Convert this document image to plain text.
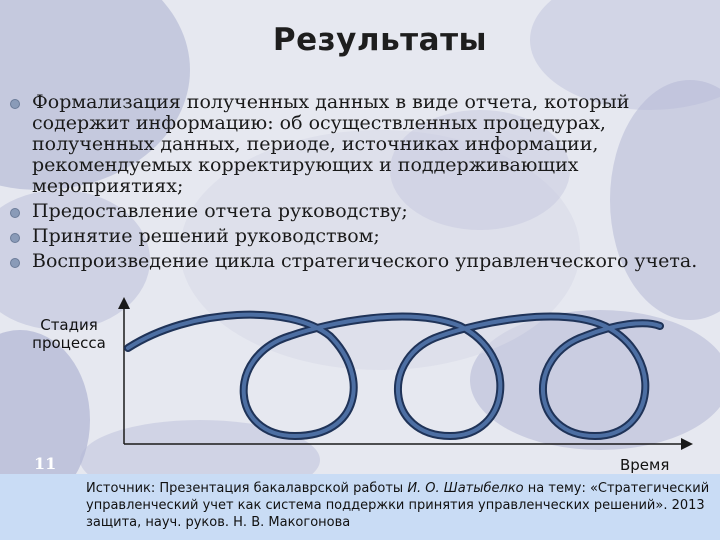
Результаты
Формализация полученных данных в виде отчета, который содержит информацию: об осуществленных процедурах, полученных данных, периоде, источниках информации, рекомендуемых корректирующих и поддерживающих мероприятиях;
Предоставление отчета руководству;
Принятие решений руководством;
Воспроизведение цикла стратегического управленческого учета.
Стадия процесса
Время
11
Источник: Презентация бакалаврской работы И. О. Шатыбелко на тему: «Стратегический управленческий учет как система поддержки принятия управленческих решений». 2013 защита, науч. руков. Н. В. Макогонова
